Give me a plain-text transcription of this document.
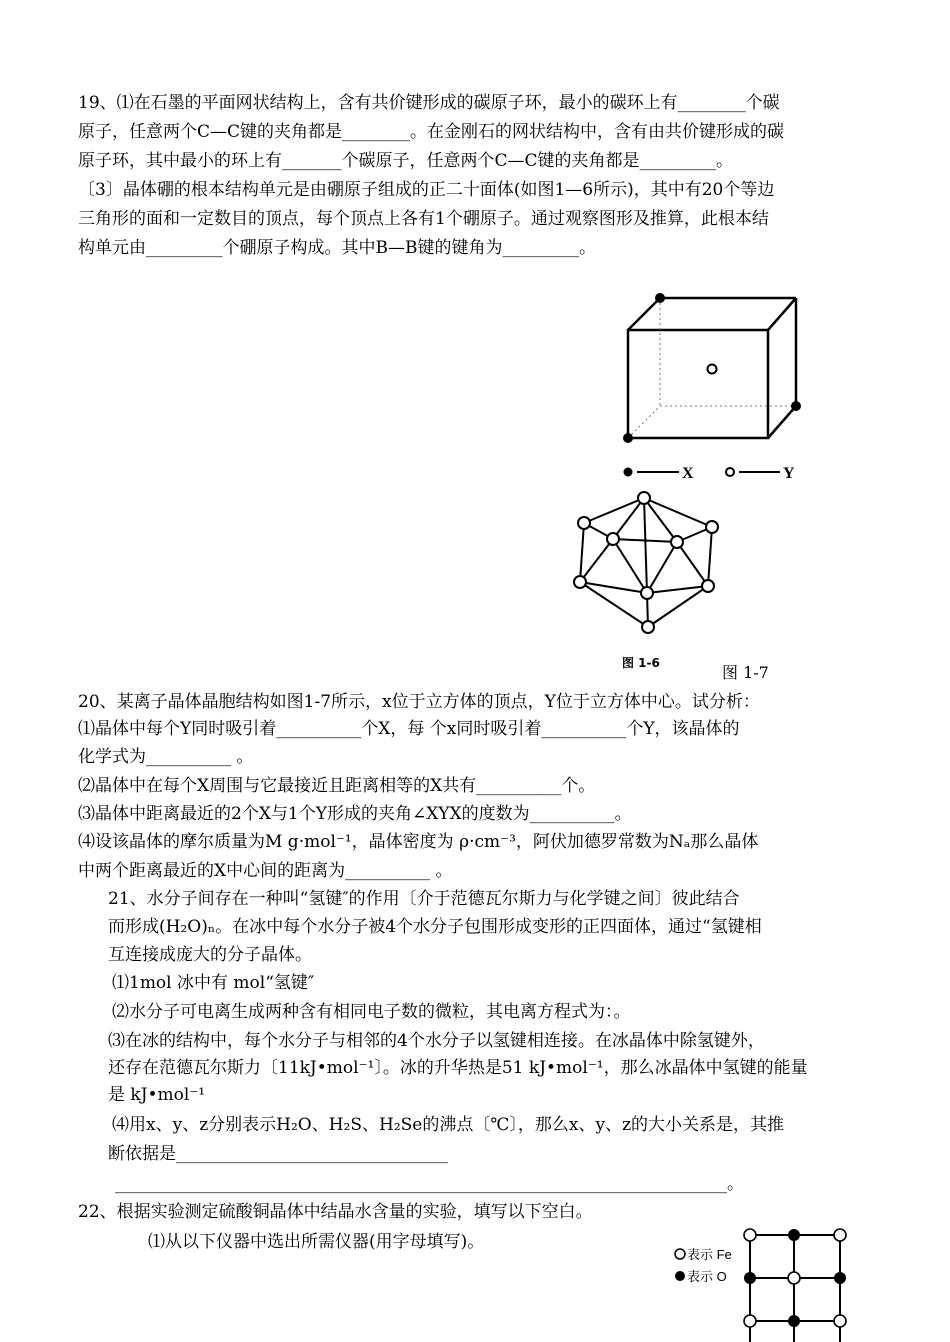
19、⑴在石墨的平面网状结构上，含有共价键形成的碳原子环，最小的碳环上有________个碳
原子，任意两个C—C键的夹角都是________。在金刚石的网状结构中，含有由共价键形成的碳
原子环，其中最小的环上有_______个碳原子，任意两个C—C键的夹角都是_________。
〔3〕晶体硼的根本结构单元是由硼原子组成的正二十面体(如图1—6所示)，其中有20个等边
三角形的面和一定数目的顶点，每个顶点上各有1个硼原子。通过观察图形及推算，此根本结
构单元由_________个硼原子构成。其中B—B键的键角为_________。
X	Y
图 1-6	图 1-7
20、某离子晶体晶胞结构如图1-7所示，x位于立方体的顶点，Y位于立方体中心。试分析：
⑴晶体中每个Y同时吸引着__________个X，每 个x同时吸引着__________个Y，该晶体的
化学式为__________ 。
⑵晶体中在每个X周围与它最接近且距离相等的X共有__________个。
⑶晶体中距离最近的2个X与1个Y形成的夹角∠XYX的度数为__________。
⑷设该晶体的摩尔质量为M g·mol⁻¹，晶体密度为 ρ·cm⁻³，阿伏加德罗常数为Nₐ那么晶体
中两个距离最近的X中心间的距离为__________ 。
21、水分子间存在一种叫“氢键″的作用〔介于范德瓦尔斯力与化学键之间〕彼此结合
而形成(H₂O)ₙ。在冰中每个水分子被4个水分子包围形成变形的正四面体，通过“氢键相
互连接成庞大的分子晶体。
⑴1mol 冰中有 mol“氢键″
⑵水分子可电离生成两种含有相同电子数的微粒，其电离方程式为：。
⑶在冰的结构中，每个水分子与相邻的4个水分子以氢键相连接。在冰晶体中除氢键外，
还存在范德瓦尔斯力〔11kJ•mol⁻¹〕。冰的升华热是51 kJ•mol⁻¹，那么冰晶体中氢键的能量
是 kJ•mol⁻¹
⑷用x、y、z分别表示H₂O、H₂S、H₂Se的沸点〔℃〕，那么x、y、z的大小关系是，其推
断依据是________________________________
________________________________________________________________________。
22、根据实验测定硫酸铜晶体中结晶水含量的实验，填写以下空白。
⑴从以下仪器中选出所需仪器(用字母填写)。
表示 Fe
表示 O
